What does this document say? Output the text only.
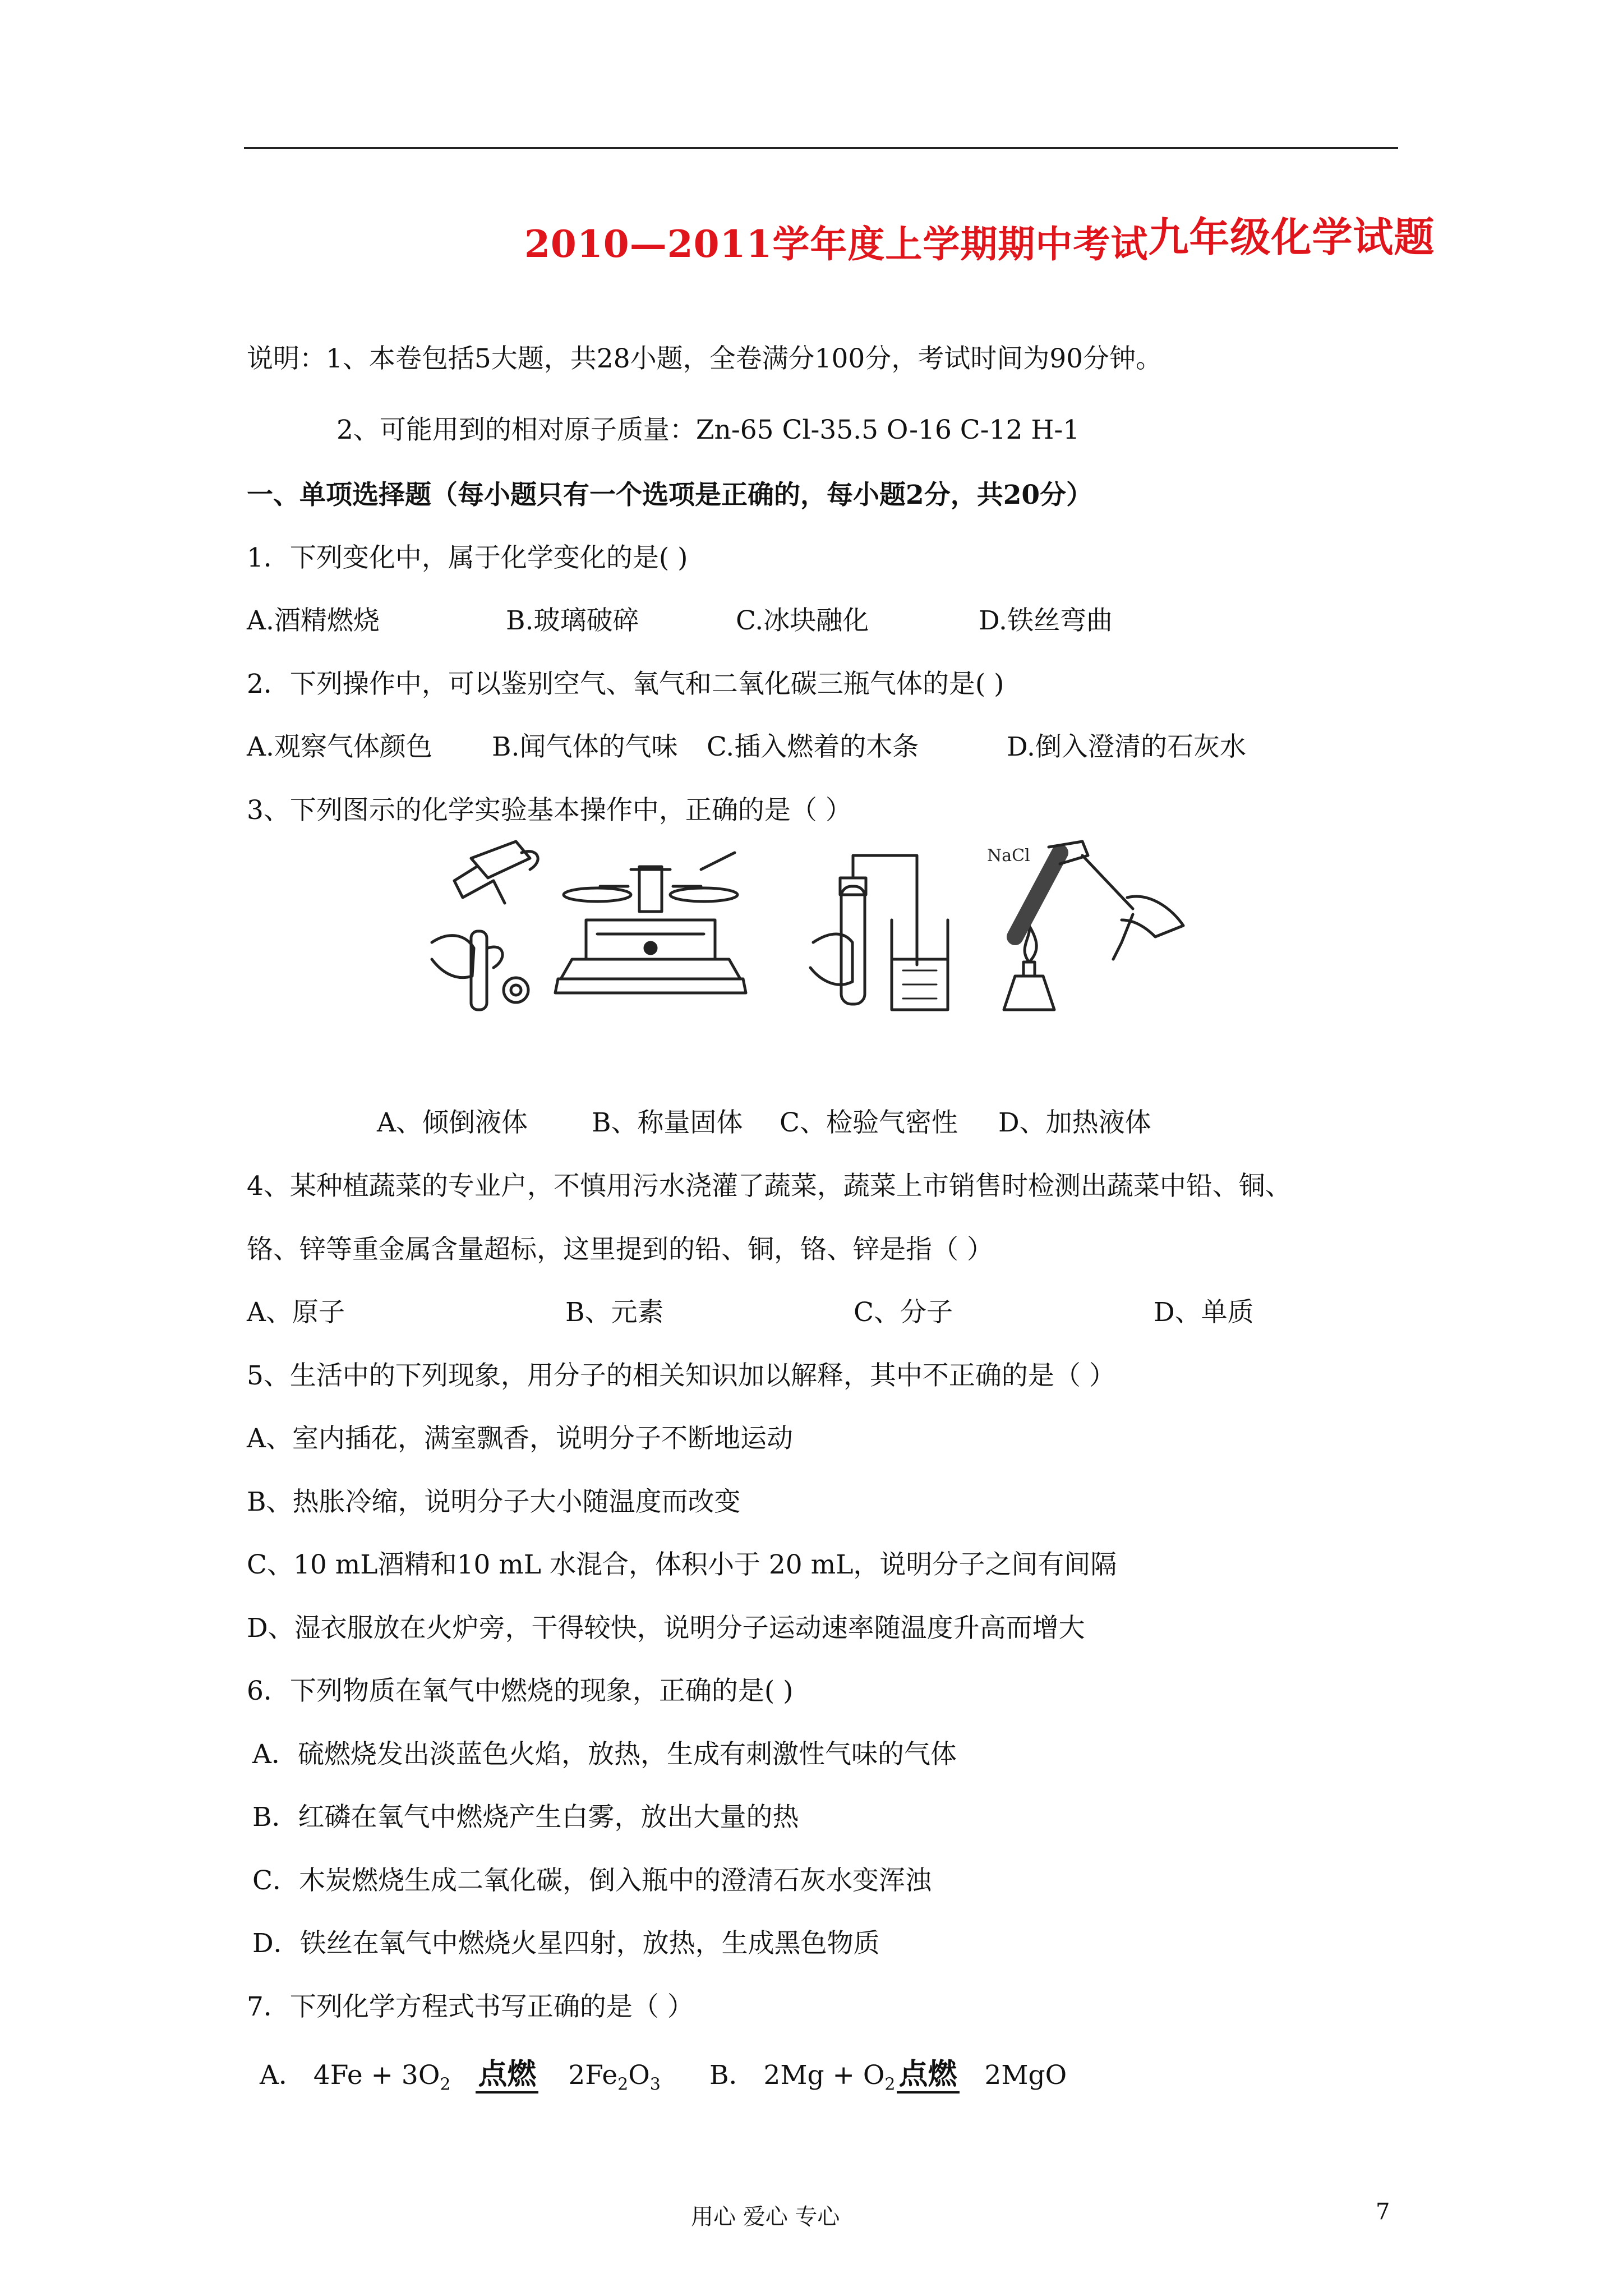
2010—2011学年度上学期期中考试九年级化学试题
说明：1、本卷包括5大题，共28小题，全卷满分100分，考试时间为90分钟。
2、可能用到的相对原子质量：Zn-65 Cl-35.5 O-16 C-12 H-1
一、单项选择题（每小题只有一个选项是正确的，每小题2分，共20分）
1．下列变化中，属于化学变化的是( )
A.酒精燃烧	B.玻璃破碎	C.冰块融化	D.铁丝弯曲
2．下列操作中，可以鉴别空气、氧气和二氧化碳三瓶气体的是( )
A.观察气体颜色 B.闻气体的气味 C.插入燃着的木条	D.倒入澄清的石灰水
3、下列图示的化学实验基本操作中，正确的是（ ）
NaCl
A、倾倒液体 B、称量固体 C、检验气密性 D、加热液体
4、某种植蔬菜的专业户，不慎用污水浇灌了蔬菜，蔬菜上市销售时检测出蔬菜中铅、铜、
铬、锌等重金属含量超标，这里提到的铅、铜，铬、锌是指（ ）
A、原子	B、元素	C、分子	D、单质
5、生活中的下列现象，用分子的相关知识加以解释，其中不正确的是（ ）
A、室内插花，满室飘香，说明分子不断地运动
B、热胀冷缩，说明分子大小随温度而改变
C、10 mL酒精和10 mL 水混合，体积小于 20 mL，说明分子之间有间隔
D、湿衣服放在火炉旁，干得较快，说明分子运动速率随温度升高而增大
6．下列物质在氧气中燃烧的现象，正确的是( )
A．硫燃烧发出淡蓝色火焰，放热，生成有刺激性气味的气体
B．红磷在氧气中燃烧产生白雾，放出大量的热
C．木炭燃烧生成二氧化碳，倒入瓶中的澄清石灰水变浑浊
D．铁丝在氧气中燃烧火星四射，放热，生成黑色物质
7．下列化学方程式书写正确的是（ ）
A． $4Fe + 3O_2$ 点燃 $2Fe_2O_3$ B． $2Mg + O_2$ 点燃 2MgO
用心 爱心 专心	7
